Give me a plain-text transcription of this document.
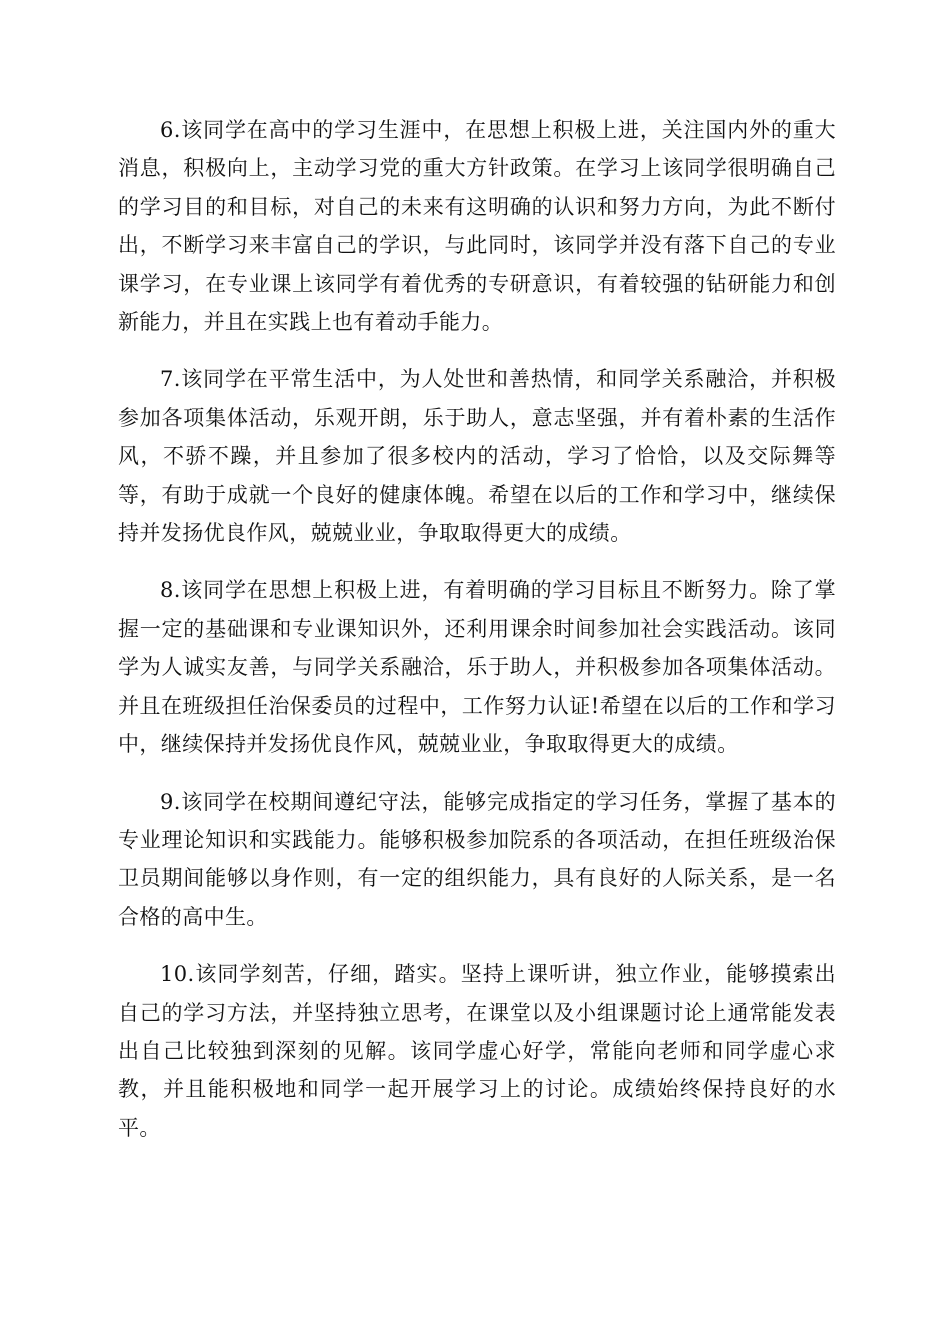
6.该同学在高中的学习生涯中，在思想上积极上进，关注国内外的重大消息，积极向上，主动学习党的重大方针政策。在学习上该同学很明确自己的学习目的和目标，对自己的未来有这明确的认识和努力方向，为此不断付出，不断学习来丰富自己的学识，与此同时，该同学并没有落下自己的专业课学习，在专业课上该同学有着优秀的专研意识，有着较强的钻研能力和创新能力，并且在实践上也有着动手能力。

7.该同学在平常生活中，为人处世和善热情，和同学关系融洽，并积极参加各项集体活动，乐观开朗，乐于助人，意志坚强，并有着朴素的生活作风，不骄不躁，并且参加了很多校内的活动，学习了恰恰，以及交际舞等等，有助于成就一个良好的健康体魄。希望在以后的工作和学习中，继续保持并发扬优良作风，兢兢业业，争取取得更大的成绩。

8.该同学在思想上积极上进，有着明确的学习目标且不断努力。除了掌握一定的基础课和专业课知识外，还利用课余时间参加社会实践活动。该同学为人诚实友善，与同学关系融洽，乐于助人，并积极参加各项集体活动。并且在班级担任治保委员的过程中，工作努力认证!希望在以后的工作和学习中，继续保持并发扬优良作风，兢兢业业，争取取得更大的成绩。

9.该同学在校期间遵纪守法，能够完成指定的学习任务，掌握了基本的专业理论知识和实践能力。能够积极参加院系的各项活动，在担任班级治保卫员期间能够以身作则，有一定的组织能力，具有良好的人际关系，是一名合格的高中生。

10.该同学刻苦，仔细，踏实。坚持上课听讲，独立作业，能够摸索出自己的学习方法，并坚持独立思考，在课堂以及小组课题讨论上通常能发表出自己比较独到深刻的见解。该同学虚心好学，常能向老师和同学虚心求教，并且能积极地和同学一起开展学习上的讨论。成绩始终保持良好的水平。
